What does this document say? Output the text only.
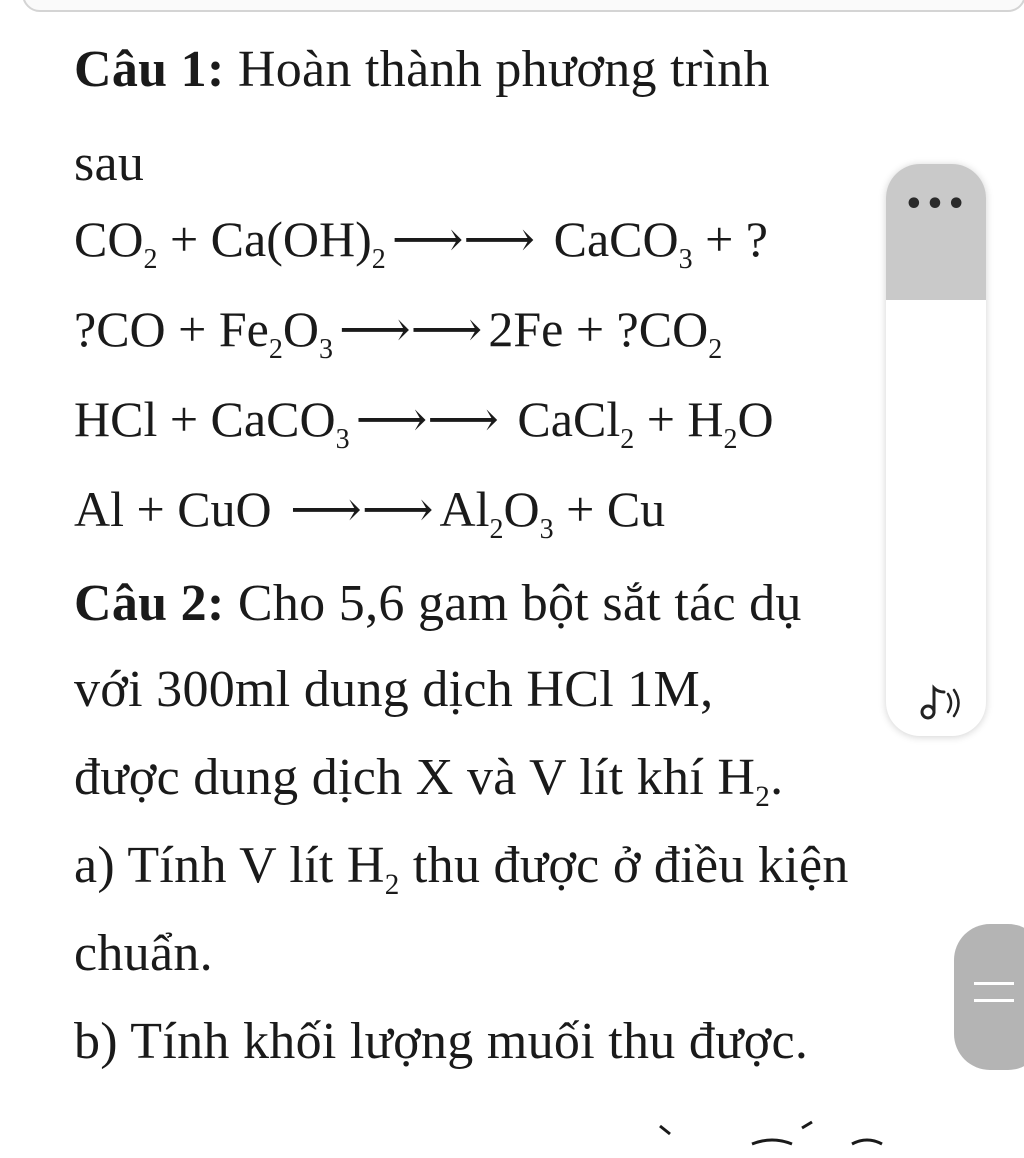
Câu 1: Hoàn thành phương trình
sau
$CO_2 + Ca(OH)_2$ ⟶⟶ CaCO$_3$ + ?
?CO + $Fe_2O_3$ ⟶⟶ $2Fe + ?CO_2$
HCl + CaCO$_3$ ⟶⟶ CaCl$_2$ + $H_2O$
Al + CuO ⟶⟶ $Al_2O_3 + Cu$
Câu 2: Cho 5,6 gam bột sắt tác dụ
với 300ml dung dịch HCl 1M,
được dung dịch X và V lít khí $H_2$.
a) Tính V lít $H_2$ thu được ở điều kiện
chuẩn.
b) Tính khối lượng muối thu được.
•••
